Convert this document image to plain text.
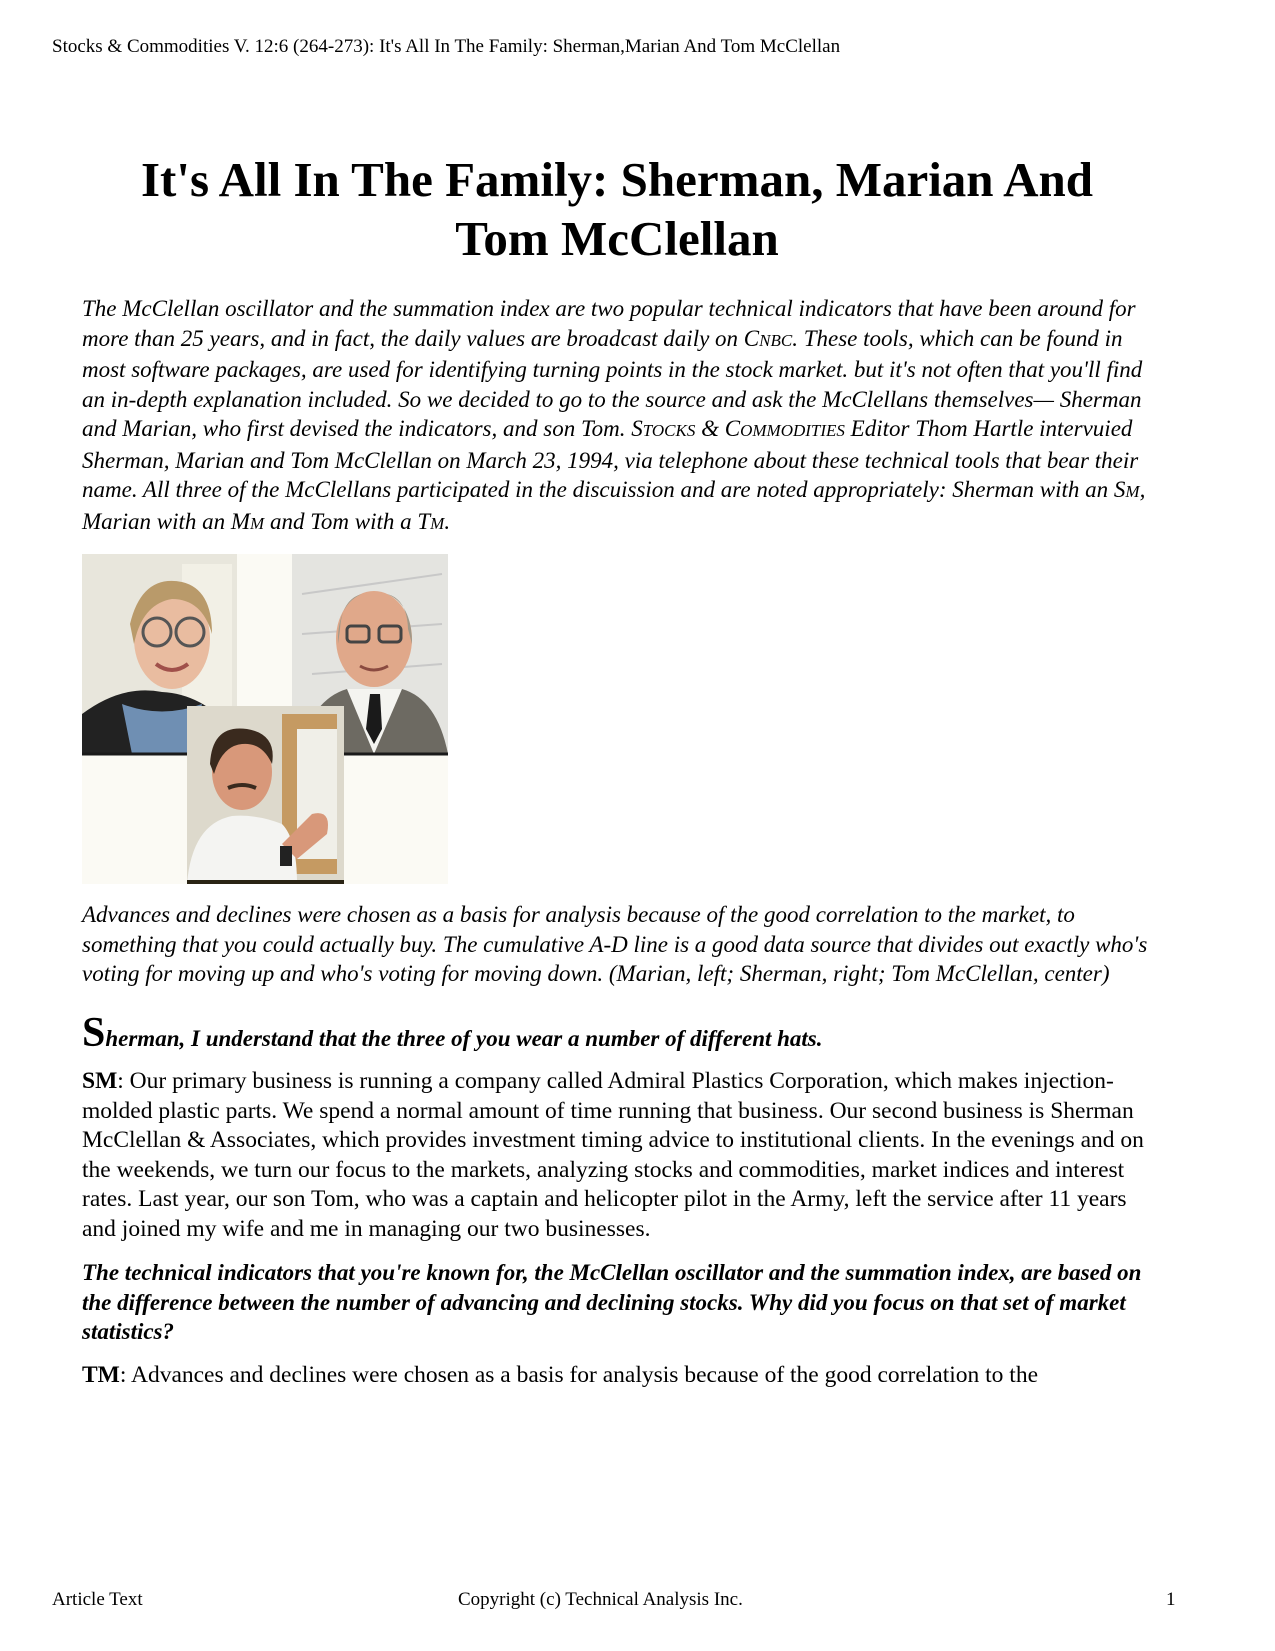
Stocks & Commodities V. 12:6 (264-273): It's All In The Family: Sherman,Marian And Tom McClellan
It's All In The Family: Sherman, Marian And
Tom McClellan

The McClellan oscillator and the summation index are two popular technical indicators that have been around for more than 25 years, and in fact, the daily values are broadcast daily on CNBC. These tools, which can be found in most software packages, are used for identifying turning points in the stock market. but it's not often that you'll find an in-depth explanation included. So we decided to go to the source and ask the McClellans themselves— Sherman and Marian, who first devised the indicators, and son Tom. STOCKS & COMMODITIES Editor Thom Hartle intervuied Sherman, Marian and Tom McClellan on March 23, 1994, via telephone about these technical tools that bear their name. All three of the McClellans participated in the discuission and are noted appropriately: Sherman with an SM, Marian with an MM and Tom with a TM.

Advances and declines were chosen as a basis for analysis because of the good correlation to the market, to something that you could actually buy. The cumulative A-D line is a good data source that divides out exactly who's voting for moving up and who's voting for moving down. (Marian, left; Sherman, right; Tom McClellan, center)

Sherman, I understand that the three of you wear a number of different hats.

SM: Our primary business is running a company called Admiral Plastics Corporation, which makes injection-molded plastic parts. We spend a normal amount of time running that business. Our second business is Sherman McClellan & Associates, which provides investment timing advice to institutional clients. In the evenings and on the weekends, we turn our focus to the markets, analyzing stocks and commodities, market indices and interest rates. Last year, our son Tom, who was a captain and helicopter pilot in the Army, left the service after 11 years and joined my wife and me in managing our two businesses.

The technical indicators that you're known for, the McClellan oscillator and the summation index, are based on the difference between the number of advancing and declining stocks. Why did you focus on that set of market statistics?

TM: Advances and declines were chosen as a basis for analysis because of the good correlation to the

Article Text	Copyright (c) Technical Analysis Inc.	1
